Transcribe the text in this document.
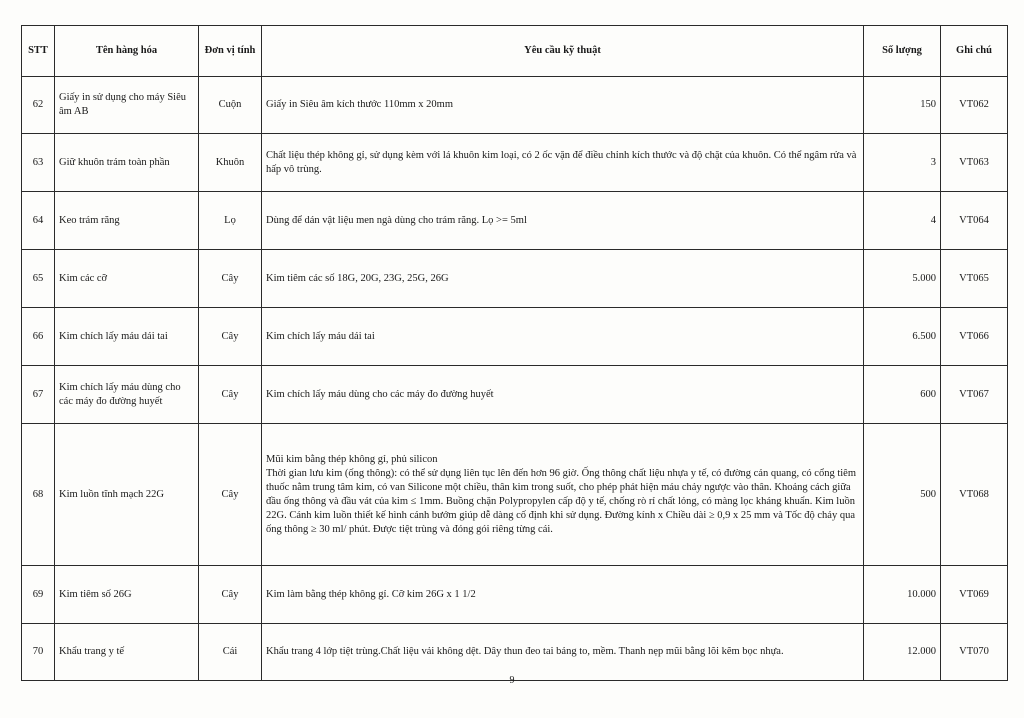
STT	Tên hàng hóa	Đơn vị tính	Yêu cầu kỹ thuật	Số lượng	Ghi chú
62	Giấy in sử dụng cho máy Siêu âm AB	Cuộn	Giấy in Siêu âm kích thước 110mm x 20mm	150	VT062
63	Giữ khuôn trám toàn phần	Khuôn	Chất liệu thép không gỉ, sử dụng kèm với lá khuôn kim loại, có 2 ốc vặn để điều chỉnh kích thước và độ chặt của khuôn. Có thể ngâm rửa và hấp vô trùng.	3	VT063
64	Keo trám răng	Lọ	Dùng để dán vật liệu men ngà dùng cho trám răng. Lọ >= 5ml	4	VT064
65	Kim các cỡ	Cây	Kim tiêm các số 18G, 20G, 23G, 25G, 26G	5.000	VT065
66	Kim chích lấy máu dái tai	Cây	Kim chích lấy máu dái tai	6.500	VT066
67	Kim chích lấy máu dùng cho các máy đo đường huyết	Cây	Kim chích lấy máu dùng cho các máy đo đường huyết	600	VT067
68	Kim luồn tĩnh mạch 22G	Cây	Mũi kim bằng thép không gỉ, phủ silicon
Thời gian lưu kim (ống thông): có thể sử dụng liên tục lên đến hơn 96 giờ. Ống thông chất liệu nhựa y tế, có đường cản quang, có cổng tiêm thuốc nằm trung tâm kim, có van Silicone một chiều, thân kim trong suốt, cho phép phát hiện máu chảy ngược vào thân. Khoảng cách giữa đầu ống thông và đầu vát của kim ≤ 1mm. Buồng chặn Polypropylen cấp độ y tế, chống rò rỉ chất lỏng, có màng lọc kháng khuẩn. Kim luồn 22G. Cánh kim luồn thiết kế hình cánh bướm giúp dễ dàng cố định khi sử dụng. Đường kính x Chiều dài ≥ 0,9 x 25 mm và Tốc độ chảy qua ống thông ≥ 30 ml/ phút. Được tiệt trùng và đóng gói riêng từng cái.	500	VT068
69	Kim tiêm số 26G	Cây	Kim làm bằng thép không gỉ. Cỡ kim 26G x 1 1/2	10.000	VT069
70	Khẩu trang y tế	Cái	Khẩu trang 4 lớp tiệt trùng.Chất liệu vải không dệt. Dây thun đeo tai bảng to, mềm. Thanh nẹp mũi bằng lõi kẽm bọc nhựa.	12.000	VT070
9
